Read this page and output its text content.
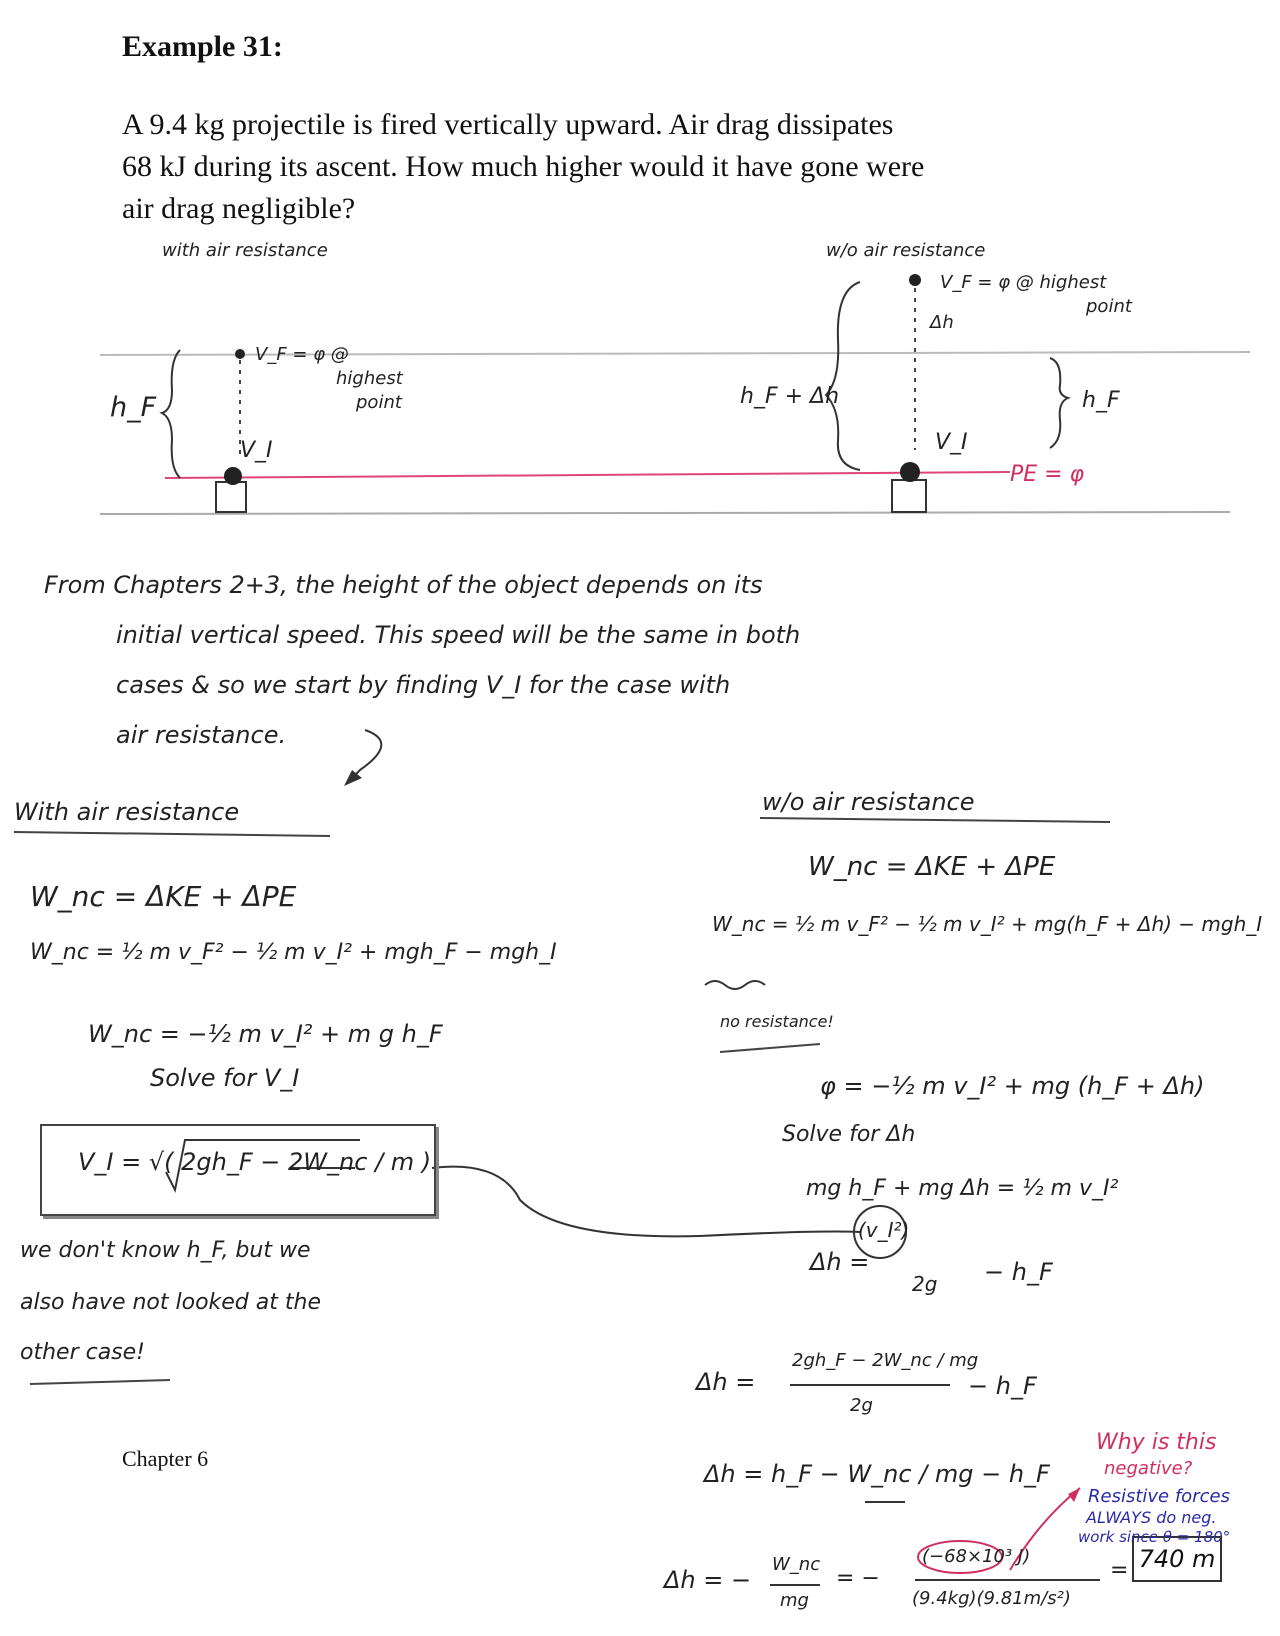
Example 31:
A 9.4 kg projectile is fired vertically upward. Air drag dissipates
68 kJ during its ascent. How much higher would it have gone were
air drag negligible?
with air resistance	w/o air resistance
V_F = φ @
highest
point
h_F
V_I
V_F = φ @ highest
point
Δh
h_F + Δh	h_F
V_I
PE = φ
From Chapters 2+3, the height of the object depends on its
initial vertical speed. This speed will be the same in both
cases & so we start by finding V_I for the case with
air resistance.
With air resistance
W_nc = ΔKE + ΔPE
W_nc = ½ m v_F² − ½ m v_I² + mgh_F − mgh_I
W_nc = −½ m v_I² + m g h_F
Solve for V_I
V_I = √( 2gh_F − 2W_nc / m )
we don't know h_F, but we
also have not looked at the
other case!
w/o air resistance
W_nc = ΔKE + ΔPE
W_nc = ½ m v_F² − ½ m v_I² + mg(h_F + Δh) − mgh_I
no resistance!
φ = −½ m v_I² + mg (h_F + Δh)
Solve for Δh
mg h_F + mg Δh = ½ m v_I²
Δh =
(v_I²)
2g − h_F
Δh =
2gh_F − 2W_nc / mg
2g
− h_F
Δh = h_F − W_nc / mg − h_F
Δh = −
W_nc
mg
= −
(−68×10³ J)
(9.4kg)(9.81m/s²)
= 740 m
Why is this
negative?
Resistive forces
ALWAYS do neg.
work since θ = 180°
Chapter 6
